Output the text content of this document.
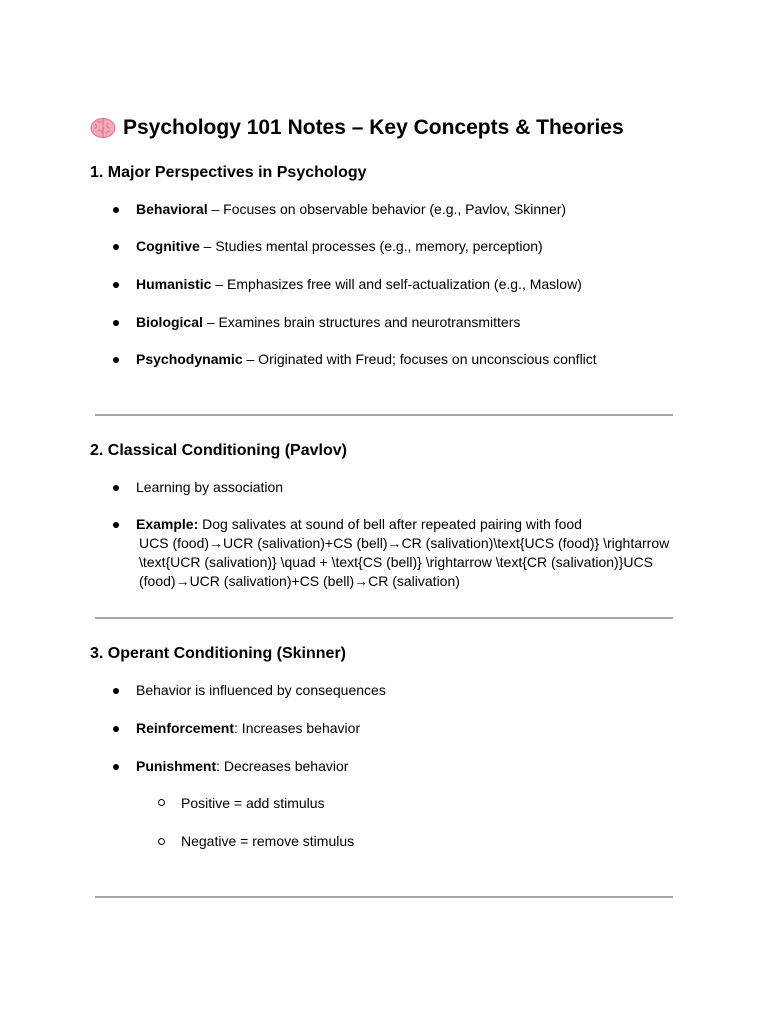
Psychology 101 Notes – Key Concepts & Theories
1. Major Perspectives in Psychology
Behavioral – Focuses on observable behavior (e.g., Pavlov, Skinner)
Cognitive – Studies mental processes (e.g., memory, perception)
Humanistic – Emphasizes free will and self-actualization (e.g., Maslow)
Biological – Examines brain structures and neurotransmitters
Psychodynamic – Originated with Freud; focuses on unconscious conflict
2. Classical Conditioning (Pavlov)
Learning by association
Example: Dog salivates at sound of bell after repeated pairing with food
UCS (food)→UCR (salivation)+CS (bell)→CR (salivation)\text{UCS (food)} \rightarrow \text{UCR (salivation)} \quad + \text{CS (bell)} \rightarrow \text{CR (salivation)}UCS (food)→UCR (salivation)+CS (bell)→CR (salivation)
3. Operant Conditioning (Skinner)
Behavior is influenced by consequences
Reinforcement: Increases behavior
Punishment: Decreases behavior
Positive = add stimulus
Negative = remove stimulus
